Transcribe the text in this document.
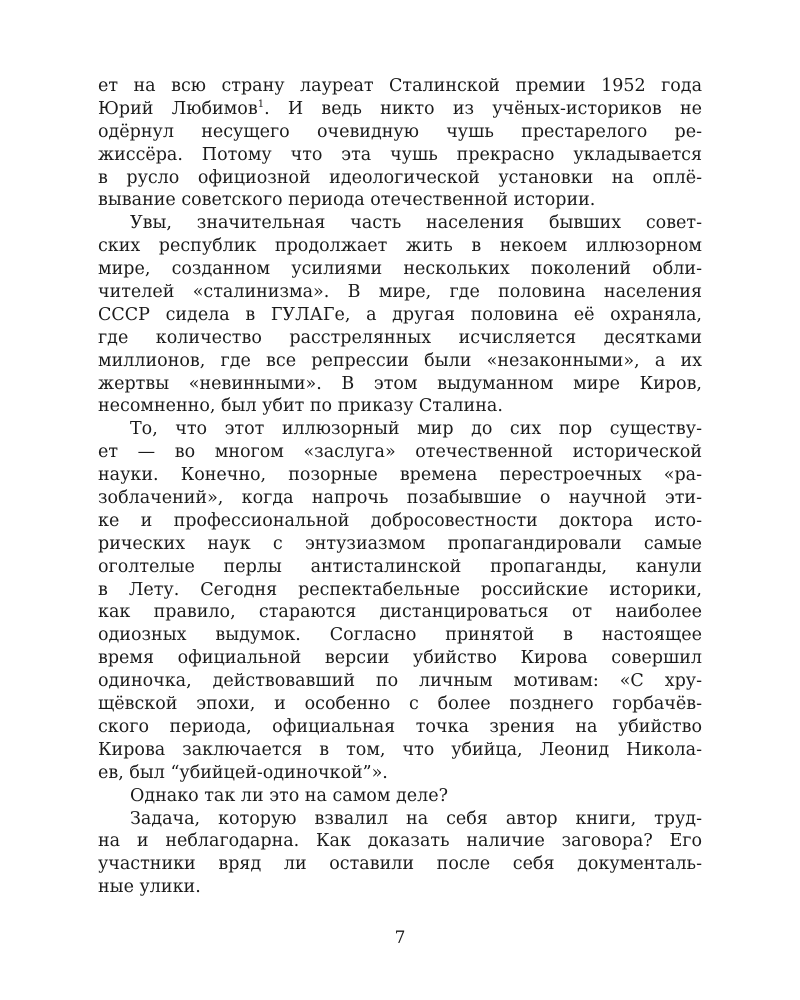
ет на всю страну лауреат Сталинской премии 1952 года
Юрий Любимов$^1$. И ведь никто из учёных-историков не
одёрнул несущего очевидную чушь престарелого ре-
жиссёра. Потому что эта чушь прекрасно укладывается
в русло официозной идеологической установки на оплё-
вывание советского периода отечественной истории.
Увы, значительная часть населения бывших совет-
ских республик продолжает жить в некоем иллюзорном
мире, созданном усилиями нескольких поколений обли-
чителей «сталинизма». В мире, где половина населения
СССР сидела в ГУЛАГе, а другая половина её охраняла,
где количество расстрелянных исчисляется десятками
миллионов, где все репрессии были «незаконными», а их
жертвы «невинными». В этом выдуманном мире Киров,
несомненно, был убит по приказу Сталина.
То, что этот иллюзорный мир до сих пор существу-
ет — во многом «заслуга» отечественной исторической
науки. Конечно, позорные времена перестроечных «ра-
зоблачений», когда напрочь позабывшие о научной эти-
ке и профессиональной добросовестности доктора исто-
рических наук с энтузиазмом пропагандировали самые
оголтелые перлы антисталинской пропаганды, канули
в Лету. Сегодня респектабельные российские историки,
как правило, стараются дистанцироваться от наиболее
одиозных выдумок. Согласно принятой в настоящее
время официальной версии убийство Кирова совершил
одиночка, действовавший по личным мотивам: «С хру-
щёвской эпохи, и особенно с более позднего горбачёв-
ского периода, официальная точка зрения на убийство
Кирова заключается в том, что убийца, Леонид Никола-
ев, был “убийцей-одиночкой”».
Однако так ли это на самом деле?
Задача, которую взвалил на себя автор книги, труд-
на и неблагодарна. Как доказать наличие заговора? Его
участники вряд ли оставили после себя документаль-
ные улики.
7
